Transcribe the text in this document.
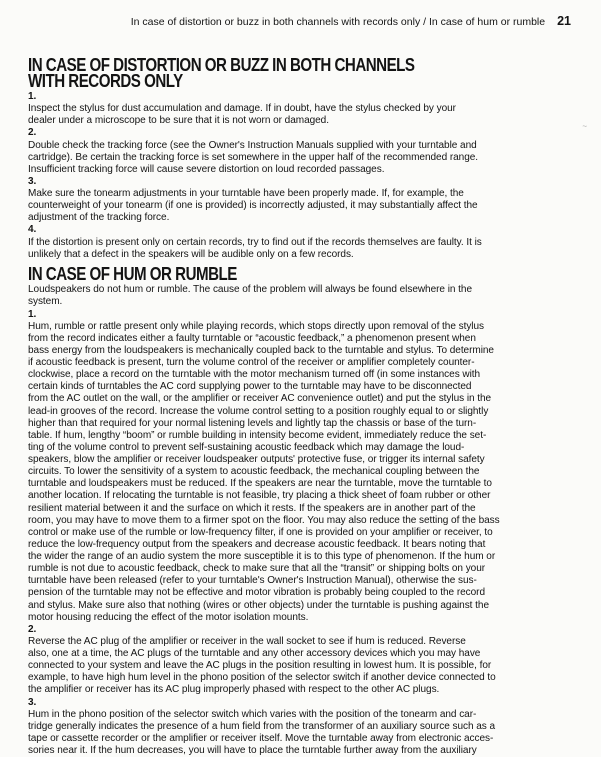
In case of distortion or buzz in both channels with records only / In case of hum or rumble 21
~
IN CASE OF DISTORTION OR BUZZ IN BOTH CHANNELS
WITH RECORDS ONLY

1.
Inspect the stylus for dust accumulation and damage. If in doubt, have the stylus checked by your
dealer under a microscope to be sure that it is not worn or damaged.

2.
Double check the tracking force (see the Owner's Instruction Manuals supplied with your turntable and
cartridge). Be certain the tracking force is set somewhere in the upper half of the recommended range.
Insufficient tracking force will cause severe distortion on loud recorded passages.

3.
Make sure the tonearm adjustments in your turntable have been properly made. If, for example, the
counterweight of your tonearm (if one is provided) is incorrectly adjusted, it may substantially affect the
adjustment of the tracking force.

4.
If the distortion is present only on certain records, try to find out if the records themselves are faulty. It is
unlikely that a defect in the speakers will be audible only on a few records.

IN CASE OF HUM OR RUMBLE

Loudspeakers do not hum or rumble. The cause of the problem will always be found elsewhere in the
system.

1.
Hum, rumble or rattle present only while playing records, which stops directly upon removal of the stylus
from the record indicates either a faulty turntable or “acoustic feedback,” a phenomenon present when
bass energy from the loudspeakers is mechanically coupled back to the turntable and stylus. To determine
if acoustic feedback is present, turn the volume control of the receiver or amplifier completely counter-
clockwise, place a record on the turntable with the motor mechanism turned off (in some instances with
certain kinds of turntables the AC cord supplying power to the turntable may have to be disconnected
from the AC outlet on the wall, or the amplifier or receiver AC convenience outlet) and put the stylus in the
lead-in grooves of the record. Increase the volume control setting to a position roughly equal to or slightly
higher than that required for your normal listening levels and lightly tap the chassis or base of the turn-
table. If hum, lengthy “boom” or rumble building in intensity become evident, immediately reduce the set-
ting of the volume control to prevent self-sustaining acoustic feedback which may damage the loud-
speakers, blow the amplifier or receiver loudspeaker outputs' protective fuse, or trigger its internal safety
circuits. To lower the sensitivity of a system to acoustic feedback, the mechanical coupling between the
turntable and loudspeakers must be reduced. If the speakers are near the turntable, move the turntable to
another location. If relocating the turntable is not feasible, try placing a thick sheet of foam rubber or other
resilient material between it and the surface on which it rests. If the speakers are in another part of the
room, you may have to move them to a firmer spot on the floor. You may also reduce the setting of the bass
control or make use of the rumble or low-frequency filter, if one is provided on your amplifier or receiver, to
reduce the low-frequency output from the speakers and decrease acoustic feedback. It bears noting that
the wider the range of an audio system the more susceptible it is to this type of phenomenon. If the hum or
rumble is not due to acoustic feedback, check to make sure that all the “transit” or shipping bolts on your
turntable have been released (refer to your turntable's Owner's Instruction Manual), otherwise the sus-
pension of the turntable may not be effective and motor vibration is probably being coupled to the record
and stylus. Make sure also that nothing (wires or other objects) under the turntable is pushing against the
motor housing reducing the effect of the motor isolation mounts.

2.
Reverse the AC plug of the amplifier or receiver in the wall socket to see if hum is reduced. Reverse
also, one at a time, the AC plugs of the turntable and any other accessory devices which you may have
connected to your system and leave the AC plugs in the position resulting in lowest hum. It is possible, for
example, to have high hum level in the phono position of the selector switch if another device connected to
the amplifier or receiver has its AC plug improperly phased with respect to the other AC plugs.

3.
Hum in the phono position of the selector switch which varies with the position of the tonearm and car-
tridge generally indicates the presence of a hum field from the transformer of an auxiliary source such as a
tape or cassette recorder or the amplifier or receiver itself. Move the turntable away from electronic acces-
sories near it. If the hum decreases, you will have to place the turntable further away from the auxiliary
